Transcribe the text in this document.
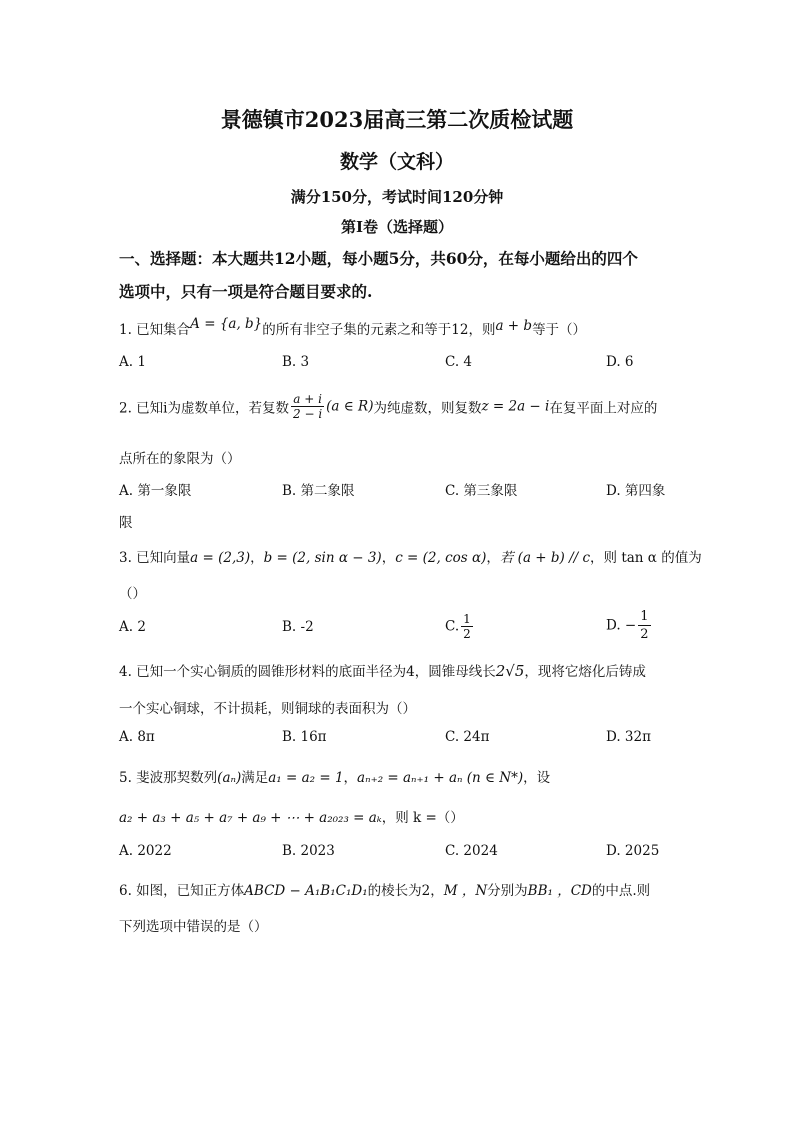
景德镇市2023届高三第二次质检试题
数学（文科）
满分150分，考试时间120分钟
第Ⅰ卷（选择题）
一、选择题：本大题共12小题，每小题5分，共60分，在每小题给出的四个
选项中，只有一项是符合题目要求的.
1. 已知集合A = {a, b}的所有非空子集的元素之和等于12，则a + b等于（）
A. 1	B. 3	C. 4	D. 6
2. 已知i为虚数单位，若复数 $\frac{a + i}{2 - i} (a$ ∈ R)为纯虚数，则复数z = 2a − i在复平面上对应的
点所在的象限为（）
A. 第一象限	B. 第二象限	C. 第三象限	D. 第四象
限
3. 已知向量a = (2,3)，b = (2, sin α − 3)，c = (2, cos α)，若 (a + b) // c，则 tan α 的值为
（）
A. 2	B. -2	C. $\frac{1}{2}$	D. − $\frac{1}{2}$
4. 已知一个实心铜质的圆锥形材料的底面半径为4，圆锥母线长2√5，现将它熔化后铸成
一个实心铜球，不计损耗，则铜球的表面积为（）
A. 8π	B. 16π	C. 24π	D. 32π
5. 斐波那契数列(aₙ)满足a₁ = a₂ = 1，aₙ₊₂ = aₙ₊₁ + aₙ (n ∈ N*)，设
a₂ + a₃ + a₅ + a₇ + a₉ + ⋯ + a₂₀₂₃ = aₖ，则 k =（）
A. 2022	B. 2023	C. 2024	D. 2025
6. 如图，已知正方体ABCD − A₁B₁C₁D₁的棱长为2，M ，N分别为BB₁ ，CD的中点.则
下列选项中错误的是（）
